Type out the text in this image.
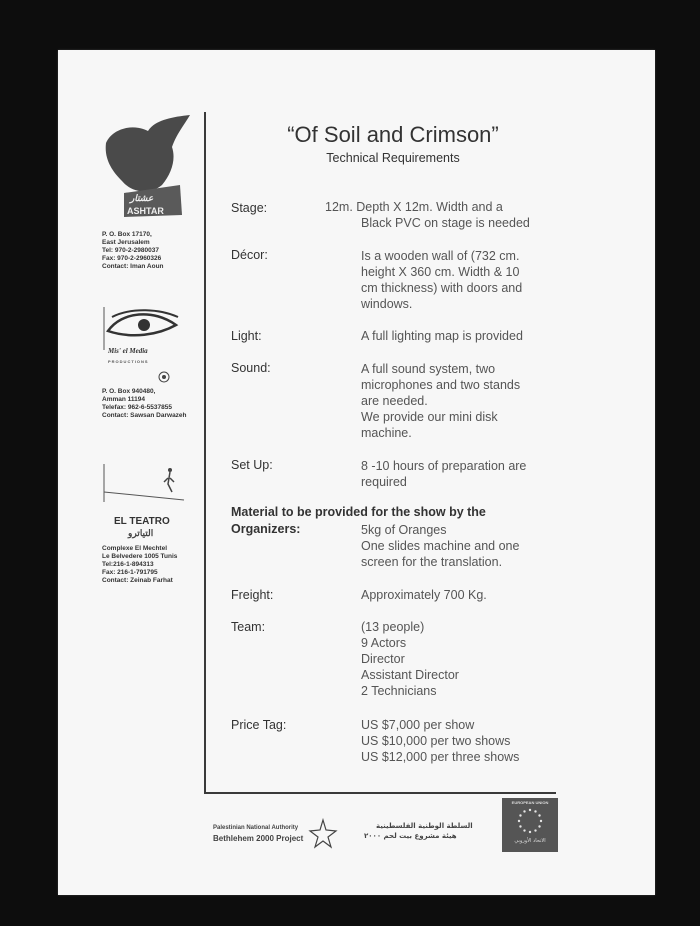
عشتار
ASHTAR
P. O. Box 17170,
East Jerusalem
Tel: 970-2-2980037
Fax: 970-2-2960326
Contact: Iman Aoun
Mis' el Media
PRODUCTIONS
P. O. Box 940480,
Amman 11194
Telefax: 962-6-5537855
Contact: Sawsan Darwazeh
EL TEATRO
التياترو
Complexe El Mechtel
Le Belvedere 1005 Tunis
Tel:216-1-894313
Fax: 216-1-791795
Contact: Zeinab Farhat
“Of Soil and Crimson”
Technical Requirements
Stage:	12m. Depth X 12m. Width and a
Black PVC on stage is needed
Décor:	Is a wooden wall of (732 cm.
height X 360 cm. Width & 10
cm thickness) with doors and
windows.
Light:	A full lighting map is provided
Sound:	A full sound system, two
microphones and two stands
are needed.
We provide our mini disk
machine.
Set Up:	8 -10 hours of preparation are
required
Material to be provided for the show by the
Organizers:	5kg of Oranges
One slides machine and one
screen for the translation.
Freight:	Approximately 700 Kg.
Team:	(13 people)
9 Actors
Director
Assistant Director
2 Technicians
Price Tag:	US $7,000 per show
US $10,000 per two shows
US $12,000 per three shows
Palestinian National Authority
Bethlehem 2000 Project
السلطة الوطنية الفلسطينية
هيئة مشروع بيت لحم ٢٠٠٠
EUROPEAN UNION
الاتحاد الأوروبي
